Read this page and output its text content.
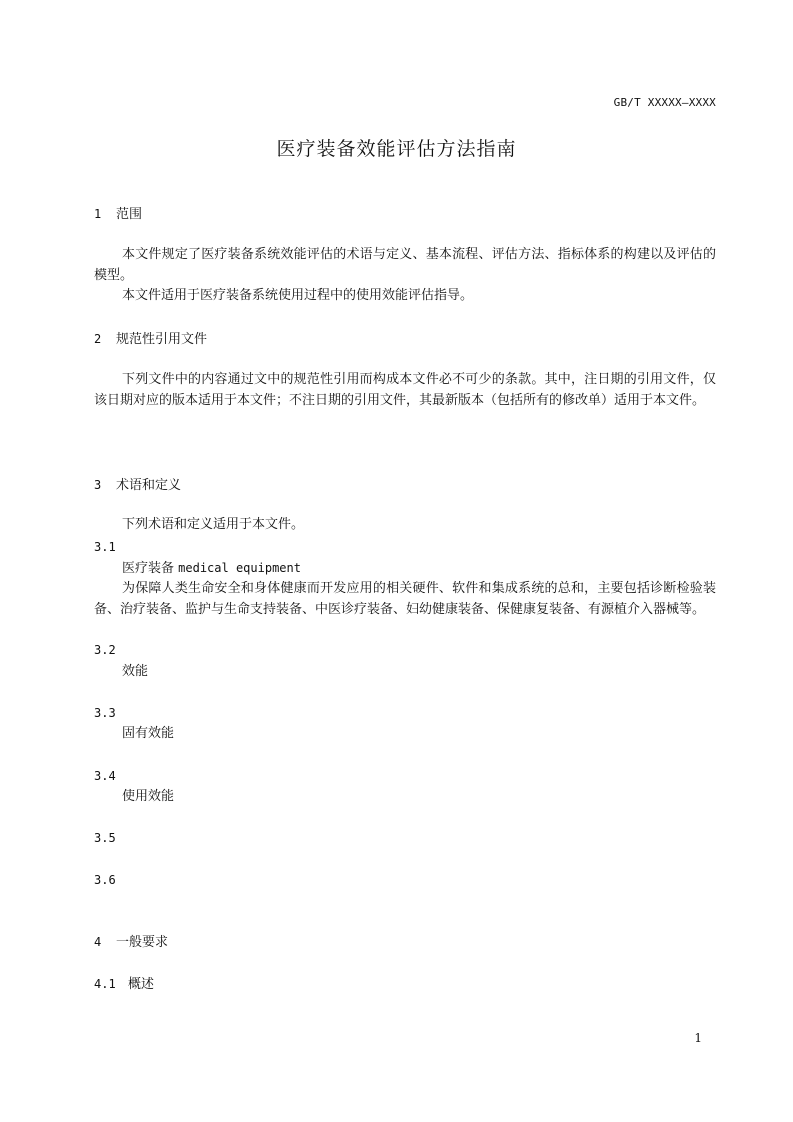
GB/T XXXXX—XXXX
医疗装备效能评估方法指南
1 范围

本文件规定了医疗装备系统效能评估的术语与定义、基本流程、评估方法、指标体系的构建以及评估的模型。

本文件适用于医疗装备系统使用过程中的使用效能评估指导。

2 规范性引用文件

下列文件中的内容通过文中的规范性引用而构成本文件必不可少的条款。其中，注日期的引用文件，仅该日期对应的版本适用于本文件；不注日期的引用文件，其最新版本（包括所有的修改单）适用于本文件。

3 术语和定义

下列术语和定义适用于本文件。

3.1
医疗装备 medical equipment

为保障人类生命安全和身体健康而开发应用的相关硬件、软件和集成系统的总和，主要包括诊断检验装备、治疗装备、监护与生命支持装备、中医诊疗装备、妇幼健康装备、保健康复装备、有源植介入器械等。

3.2
效能
3.3
固有效能
3.4
使用效能
3.5
3.6
4 一般要求
4.1 概述
1
